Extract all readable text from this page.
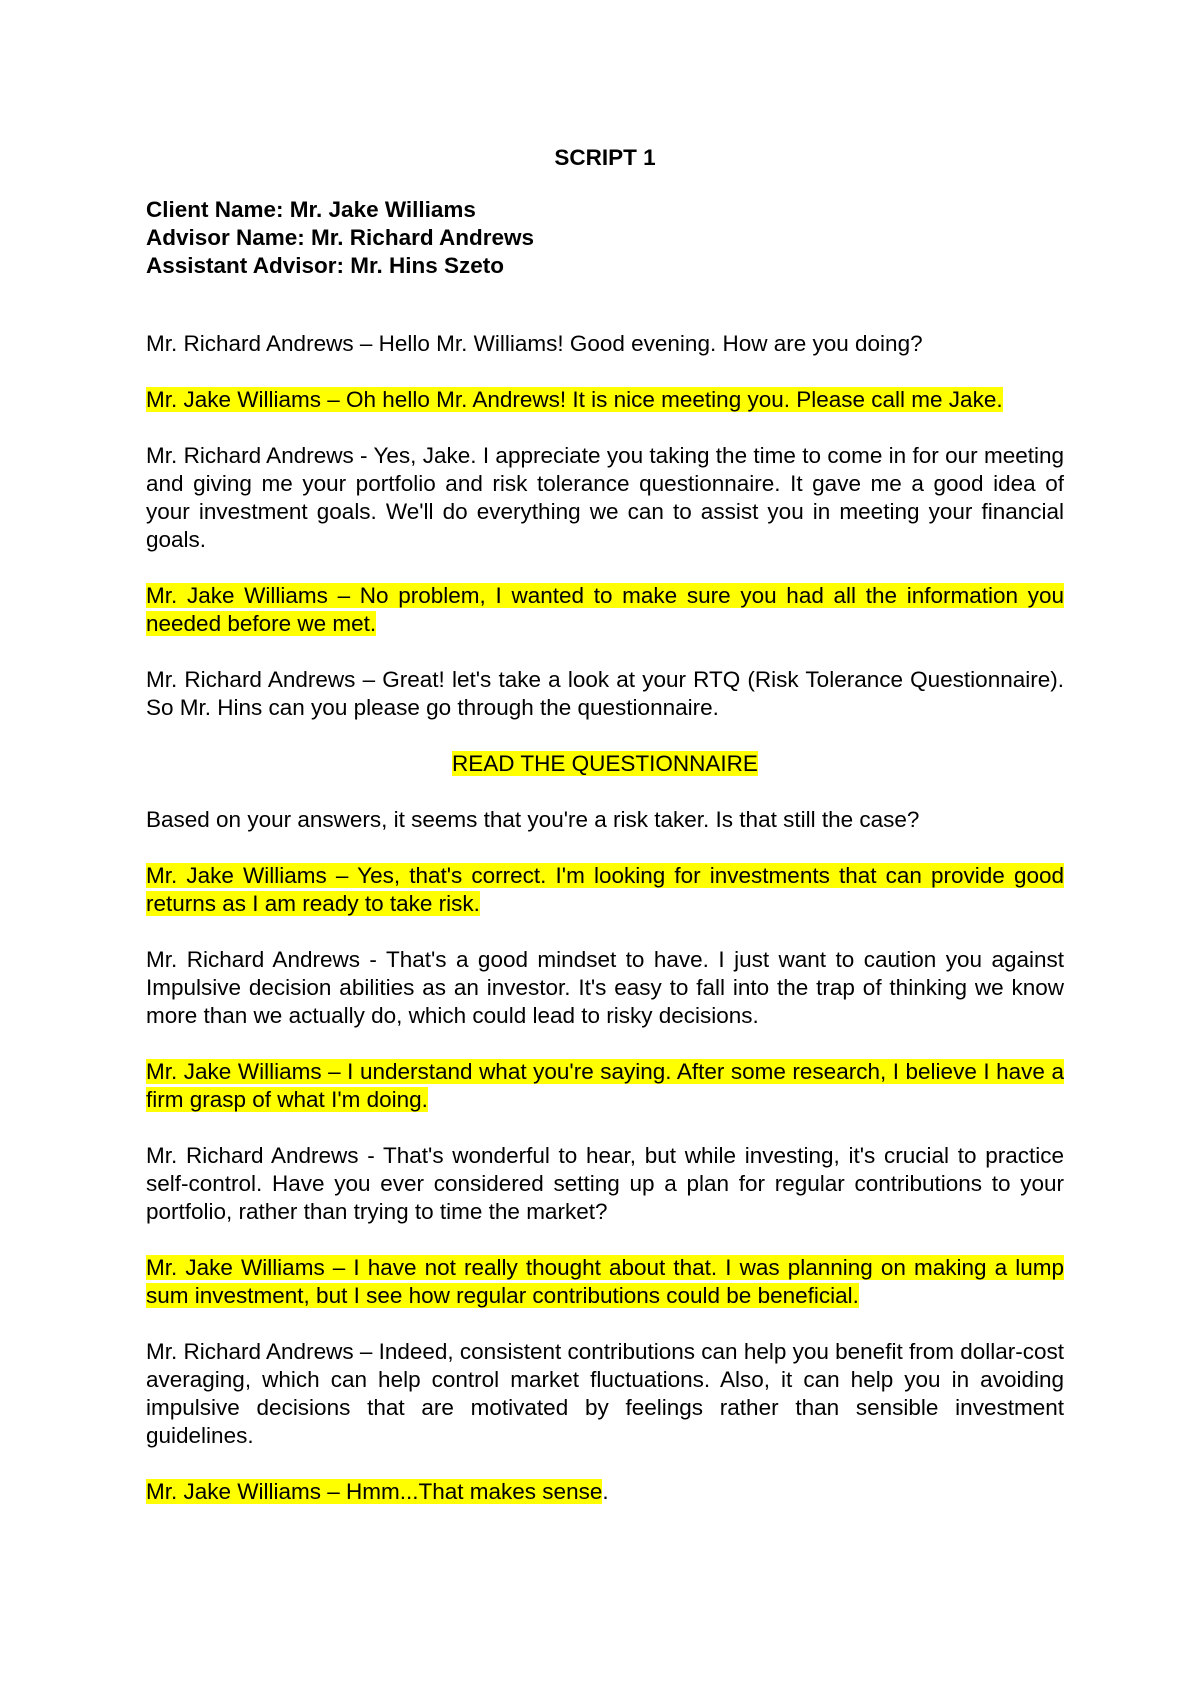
SCRIPT 1
Client Name: Mr. Jake Williams
Advisor Name: Mr. Richard Andrews
Assistant Advisor: Mr. Hins Szeto

Mr. Richard Andrews – Hello Mr. Williams! Good evening. How are you doing?

Mr. Jake Williams – Oh hello Mr. Andrews! It is nice meeting you. Please call me Jake.

Mr. Richard Andrews - Yes, Jake. I appreciate you taking the time to come in for our meeting and giving me your portfolio and risk tolerance questionnaire. It gave me a good idea of your investment goals. We'll do everything we can to assist you in meeting your financial goals.

Mr. Jake Williams – No problem, I wanted to make sure you had all the information you needed before we met.

Mr. Richard Andrews – Great! let's take a look at your RTQ (Risk Tolerance Questionnaire). So Mr. Hins can you please go through the questionnaire.

READ THE QUESTIONNAIRE

Based on your answers, it seems that you're a risk taker. Is that still the case?

Mr. Jake Williams – Yes, that's correct. I'm looking for investments that can provide good returns as I am ready to take risk.

Mr. Richard Andrews - That's a good mindset to have. I just want to caution you against Impulsive decision abilities as an investor. It's easy to fall into the trap of thinking we know more than we actually do, which could lead to risky decisions.

Mr. Jake Williams – I understand what you're saying. After some research, I believe I have a firm grasp of what I'm doing.

Mr. Richard Andrews - That's wonderful to hear, but while investing, it's crucial to practice self-control. Have you ever considered setting up a plan for regular contributions to your portfolio, rather than trying to time the market?

Mr. Jake Williams – I have not really thought about that. I was planning on making a lump sum investment, but I see how regular contributions could be beneficial.

Mr. Richard Andrews – Indeed, consistent contributions can help you benefit from dollar-cost averaging, which can help control market fluctuations. Also, it can help you in avoiding impulsive decisions that are motivated by feelings rather than sensible investment guidelines.

Mr. Jake Williams – Hmm...That makes sense.
